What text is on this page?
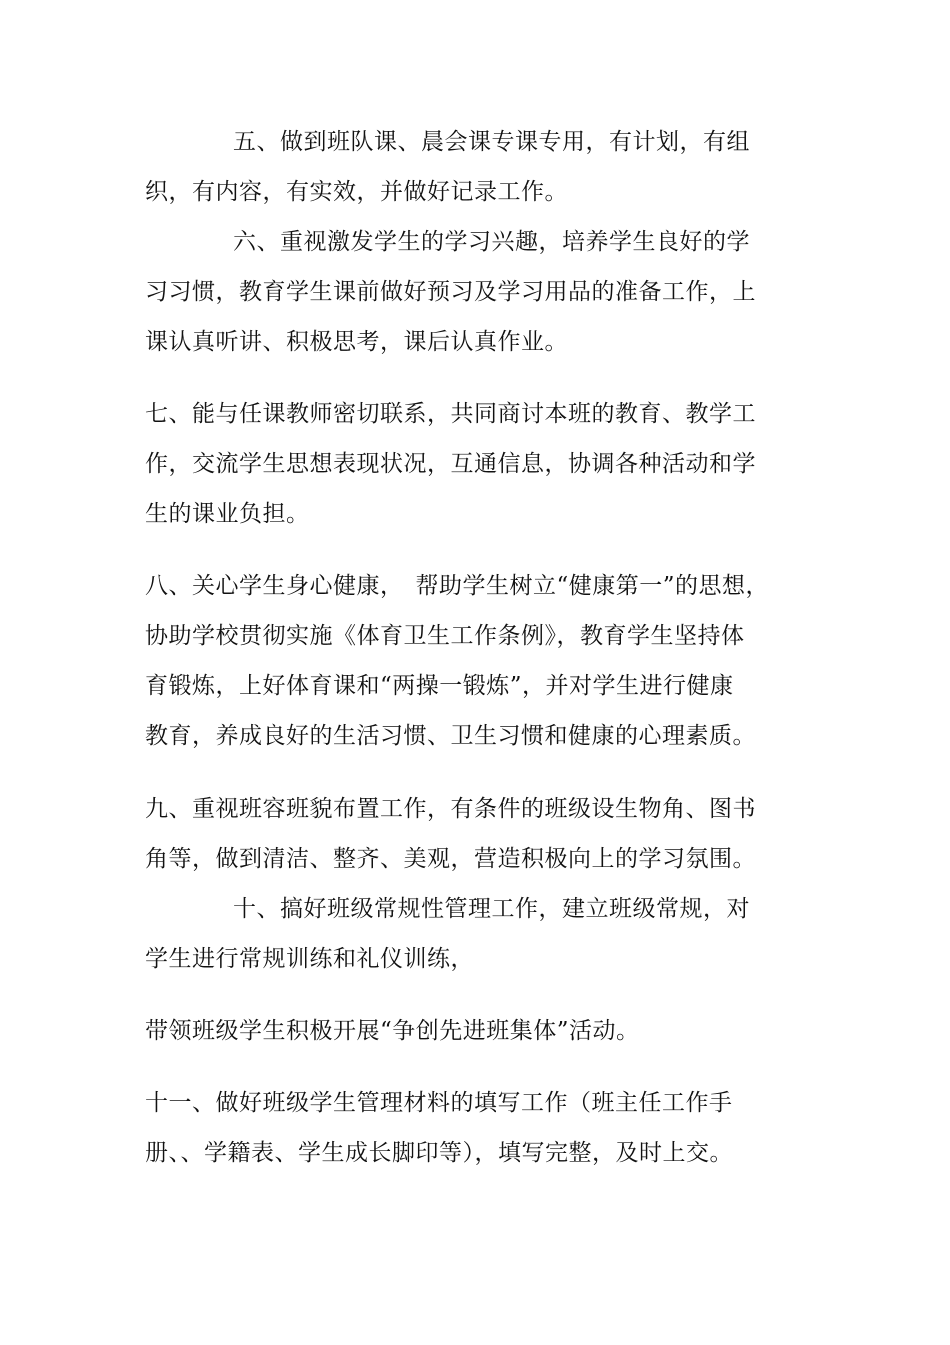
五、做到班队课、晨会课专课专用，有计划，有组
织，有内容，有实效，并做好记录工作。
六、重视激发学生的学习兴趣，培养学生良好的学
习习惯，教育学生课前做好预习及学习用品的准备工作，上
课认真听讲、积极思考，课后认真作业。
七、能与任课教师密切联系，共同商讨本班的教育、教学工
作，交流学生思想表现状况，互通信息，协调各种活动和学
生的课业负担。
八、关心学生身心健康，　帮助学生树立“健康第一”的思想，
协助学校贯彻实施《体育卫生工作条例》，教育学生坚持体
育锻炼，上好体育课和“两操一锻炼”，并对学生进行健康
教育，养成良好的生活习惯、卫生习惯和健康的心理素质。
九、重视班容班貌布置工作，有条件的班级设生物角、图书
角等，做到清洁、整齐、美观，营造积极向上的学习氛围。
十、搞好班级常规性管理工作，建立班级常规，对
学生进行常规训练和礼仪训练，
带领班级学生积极开展“争创先进班集体”活动。
十一、做好班级学生管理材料的填写工作（班主任工作手
册、、学籍表、学生成长脚印等），填写完整，及时上交。
